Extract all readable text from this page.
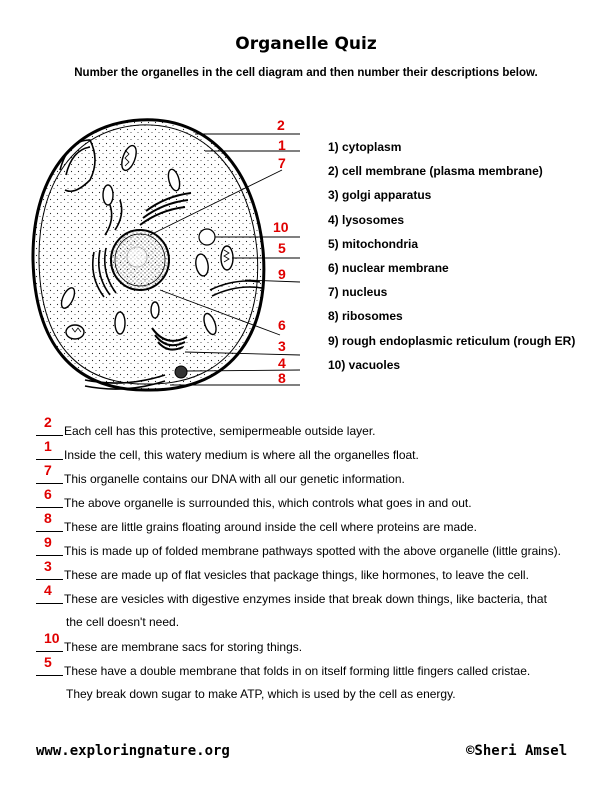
Organelle Quiz
Number the organelles in the cell diagram and then number their descriptions below.
2
1
7
10
5
9
6
3
4
8
1) cytoplasm
2) cell membrane (plasma membrane)
3) golgi apparatus
4) lysosomes
5) mitochondria
6) nuclear membrane
7) nucleus
8) ribosomes
9) rough endoplasmic reticulum (rough ER)
10) vacuoles
2
Each cell has this protective, semipermeable outside layer.
1
Inside the cell, this watery medium is where all the organelles float.
7
This organelle contains our DNA with all our genetic information.
6
The above organelle is surrounded this, which controls what goes in and out.
8
These are little grains floating around inside the cell where proteins are made.
9
This is made up of folded membrane pathways spotted with the above organelle (little grains).
3
These are made up of flat vesicles that package things, like hormones, to leave the cell.
4
These are vesicles with digestive enzymes inside that break down things, like bacteria, that
the cell doesn't need.
10
These are membrane sacs for storing things.
5
These have a double membrane that folds in on itself forming little fingers called cristae.
They break down sugar to make ATP, which is used by the cell as energy.
www.exploringnature.org	©Sheri Amsel
